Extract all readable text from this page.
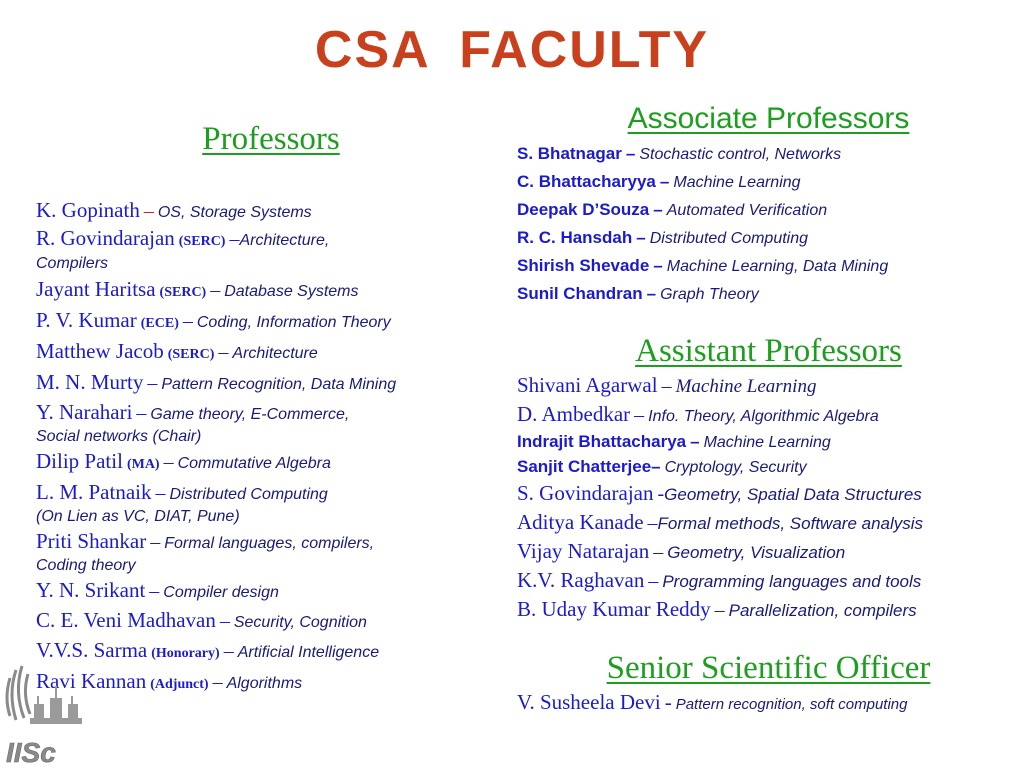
CSA FACULTY

Professors

K. Gopinath – OS, Storage Systems

R. Govindarajan (SERC) –Architecture,

Compilers

Jayant Haritsa (SERC) – Database Systems

P. V. Kumar (ECE) – Coding, Information Theory

Matthew Jacob (SERC) – Architecture

M. N. Murty – Pattern Recognition, Data Mining

Y. Narahari – Game theory, E-Commerce,

Social networks (Chair)

Dilip Patil (MA) – Commutative Algebra

L. M. Patnaik – Distributed Computing

(On Lien as VC, DIAT, Pune)

Priti Shankar – Formal languages, compilers,

Coding theory

Y. N. Srikant – Compiler design

C. E. Veni Madhavan – Security, Cognition

V.V.S. Sarma (Honorary) – Artificial Intelligence

Ravi Kannan (Adjunct) – Algorithms

Associate Professors

S. Bhatnagar – Stochastic control, Networks

C. Bhattacharyya – Machine Learning

Deepak D’Souza – Automated Verification

R. C. Hansdah – Distributed Computing

Shirish Shevade – Machine Learning, Data Mining

Sunil Chandran – Graph Theory

Assistant Professors

Shivani Agarwal – Machine Learning

D. Ambedkar – Info. Theory, Algorithmic Algebra

Indrajit Bhattacharya – Machine Learning

Sanjit Chatterjee– Cryptology, Security

S. Govindarajan -Geometry, Spatial Data Structures

Aditya Kanade –Formal methods, Software analysis

Vijay Natarajan – Geometry, Visualization

K.V. Raghavan – Programming languages and tools

B. Uday Kumar Reddy – Parallelization, compilers

Senior Scientific Officer

V. Susheela Devi - Pattern recognition, soft computing

IISc
